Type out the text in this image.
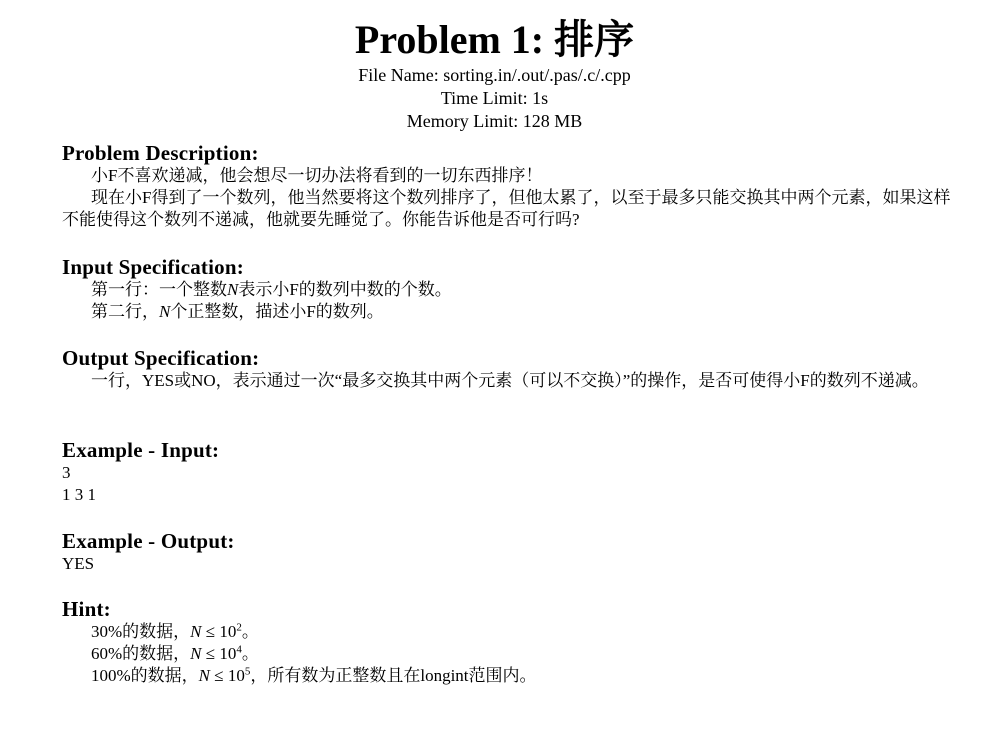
Problem 1: 排序

File Name: sorting.in/.out/.pas/.c/.cpp

Time Limit: 1s

Memory Limit: 128 MB

Problem Description:

小F不喜欢递减，他会想尽一切办法将看到的一切东西排序！

现在小F得到了一个数列，他当然要将这个数列排序了，但他太累了，以至于最多只能交换其中两个元素，如果这样不能使得这个数列不递减，他就要先睡觉了。你能告诉他是否可行吗?

Input Specification:

第一行：一个整数N表示小F的数列中数的个数。

第二行，N个正整数，描述小F的数列。

Output Specification:

一行，YES或NO，表示通过一次“最多交换其中两个元素（可以不交换）”的操作，是否可使得小F的数列不递减。

Example - Input:

3

1 3 1

Example - Output:

YES

Hint:

30%的数据，$N \le 10^2$。

60%的数据，$N \le 10^4$。

100%的数据，$N \le 10^5$，所有数为正整数且在longint范围内。
